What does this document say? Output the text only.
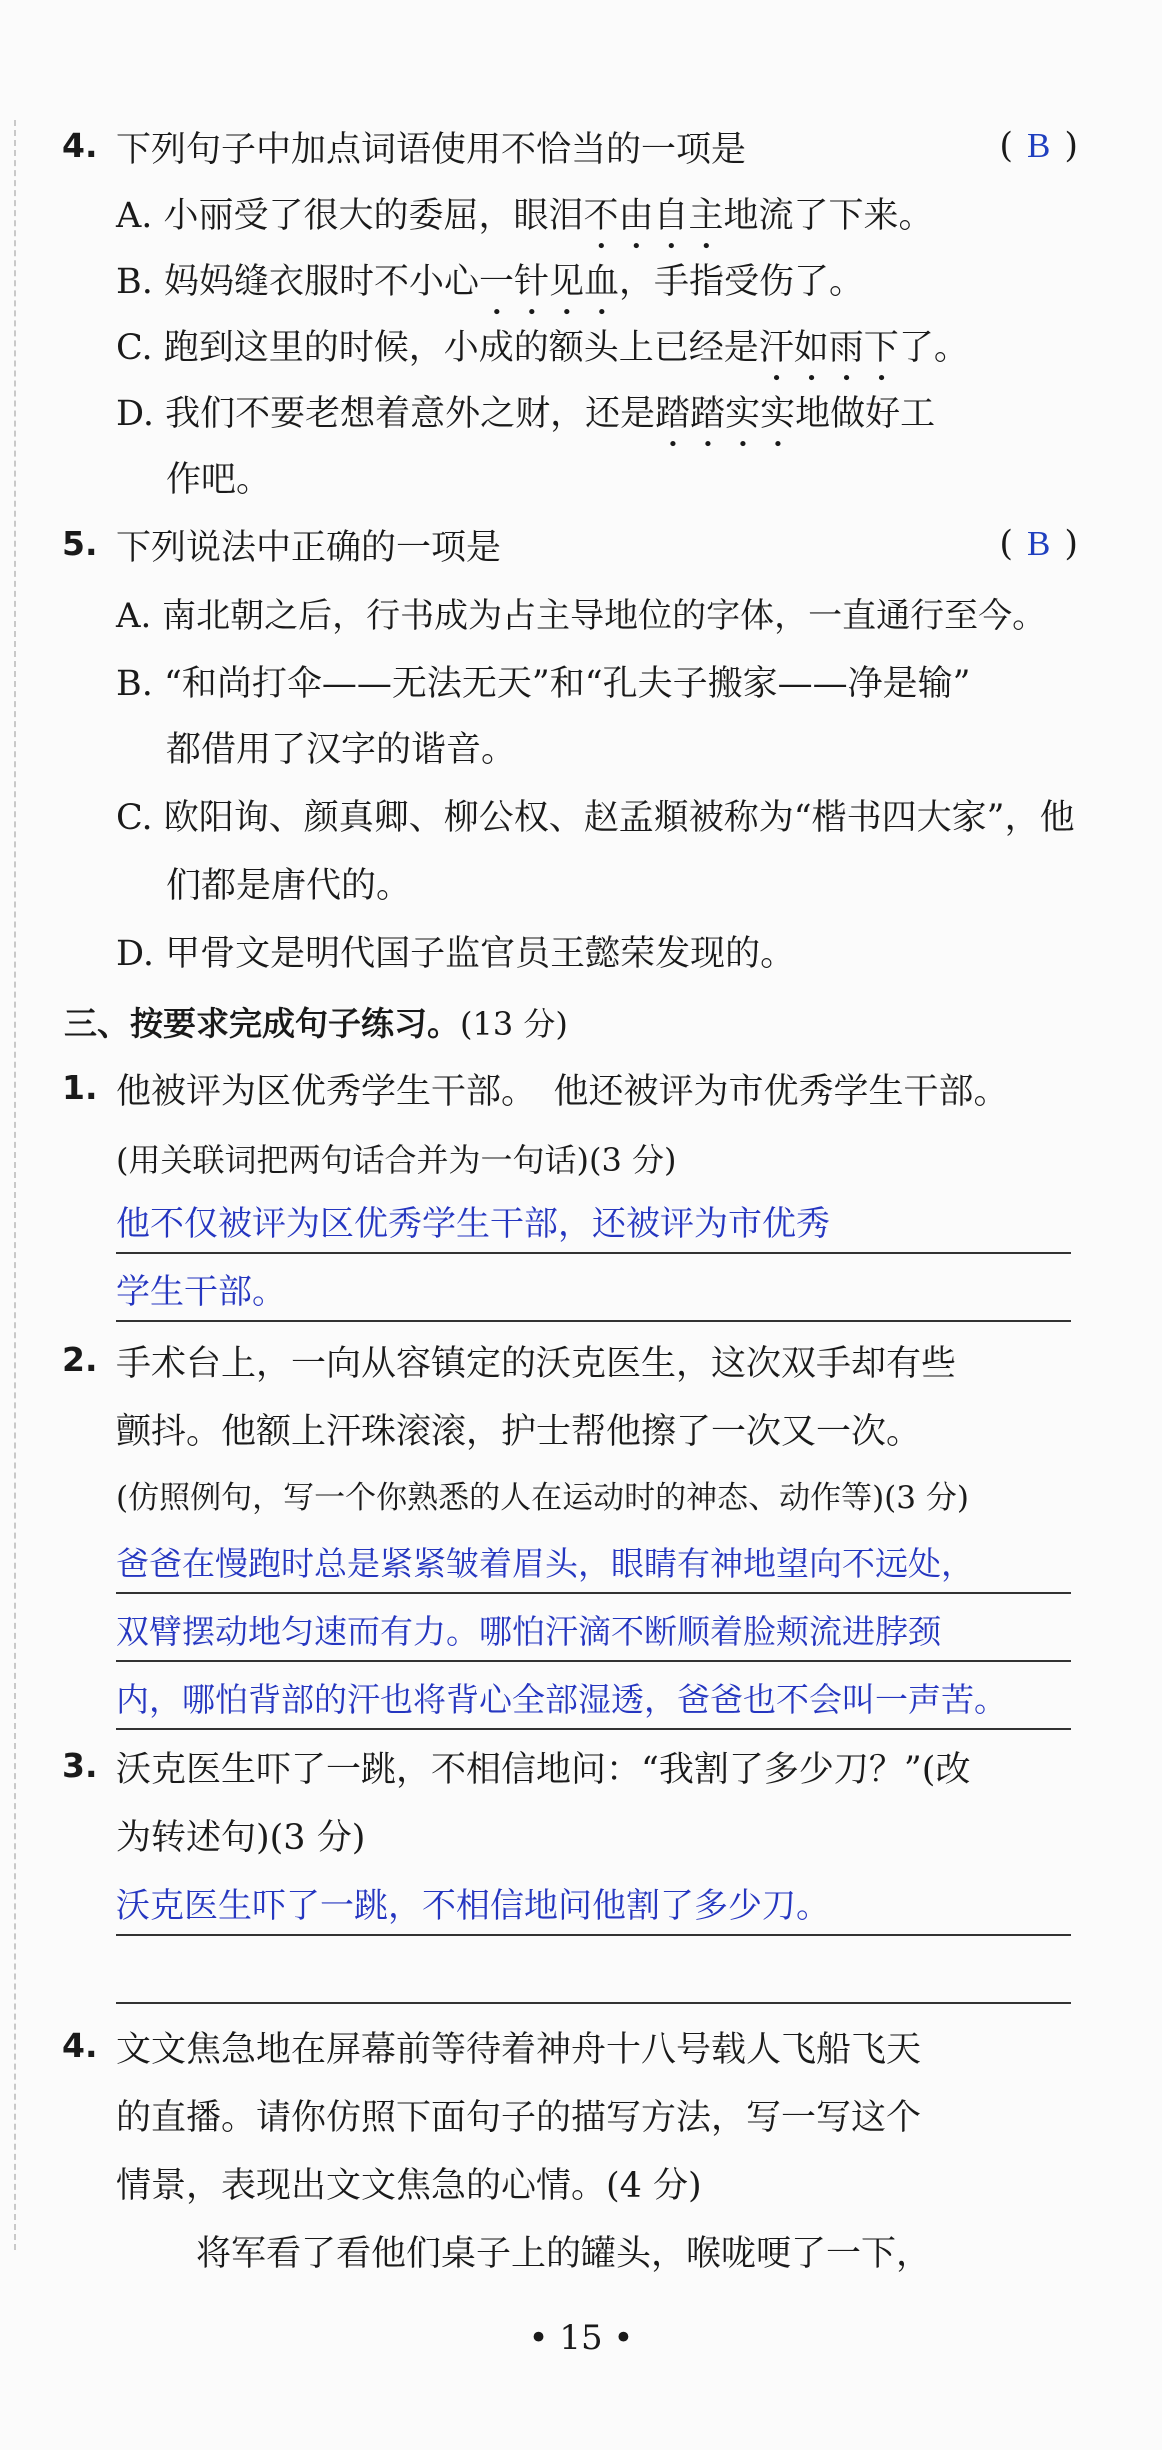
4. 下列句子中加点词语使用不恰当的一项是	( B )
A. 小丽受了很大的委屈，眼泪不由自主地流了下来。
B. 妈妈缝衣服时不小心一针见血，手指受伤了。
C. 跑到这里的时候，小成的额头上已经是汗如雨下了。
D. 我们不要老想着意外之财，还是踏踏实实地做好工
作吧。
5. 下列说法中正确的一项是	( B )
A. 南北朝之后，行书成为占主导地位的字体，一直通行至今。
B. “和尚打伞——无法无天”和“孔夫子搬家——净是输”
都借用了汉字的谐音。
C. 欧阳询、颜真卿、柳公权、赵孟頫被称为“楷书四大家”，他
们都是唐代的。
D. 甲骨文是明代国子监官员王懿荣发现的。
三、按要求完成句子练习。(13 分)
1. 他被评为区优秀学生干部。　他还被评为市优秀学生干部。
(用关联词把两句话合并为一句话)(3 分)
他不仅被评为区优秀学生干部，还被评为市优秀
学生干部。
2. 手术台上，一向从容镇定的沃克医生，这次双手却有些
颤抖。他额上汗珠滚滚，护士帮他擦了一次又一次。
(仿照例句，写一个你熟悉的人在运动时的神态、动作等)(3 分)
爸爸在慢跑时总是紧紧皱着眉头，眼睛有神地望向不远处，
双臂摆动地匀速而有力。哪怕汗滴不断顺着脸颊流进脖颈
内，哪怕背部的汗也将背心全部湿透，爸爸也不会叫一声苦。
3. 沃克医生吓了一跳，不相信地问：“我割了多少刀？”(改
为转述句)(3 分)
沃克医生吓了一跳，不相信地问他割了多少刀。
4. 文文焦急地在屏幕前等待着神舟十八号载人飞船飞天
的直播。请你仿照下面句子的描写方法，写一写这个
情景，表现出文文焦急的心情。(4 分)
将军看了看他们桌子上的罐头，喉咙哽了一下，
• 15 •
